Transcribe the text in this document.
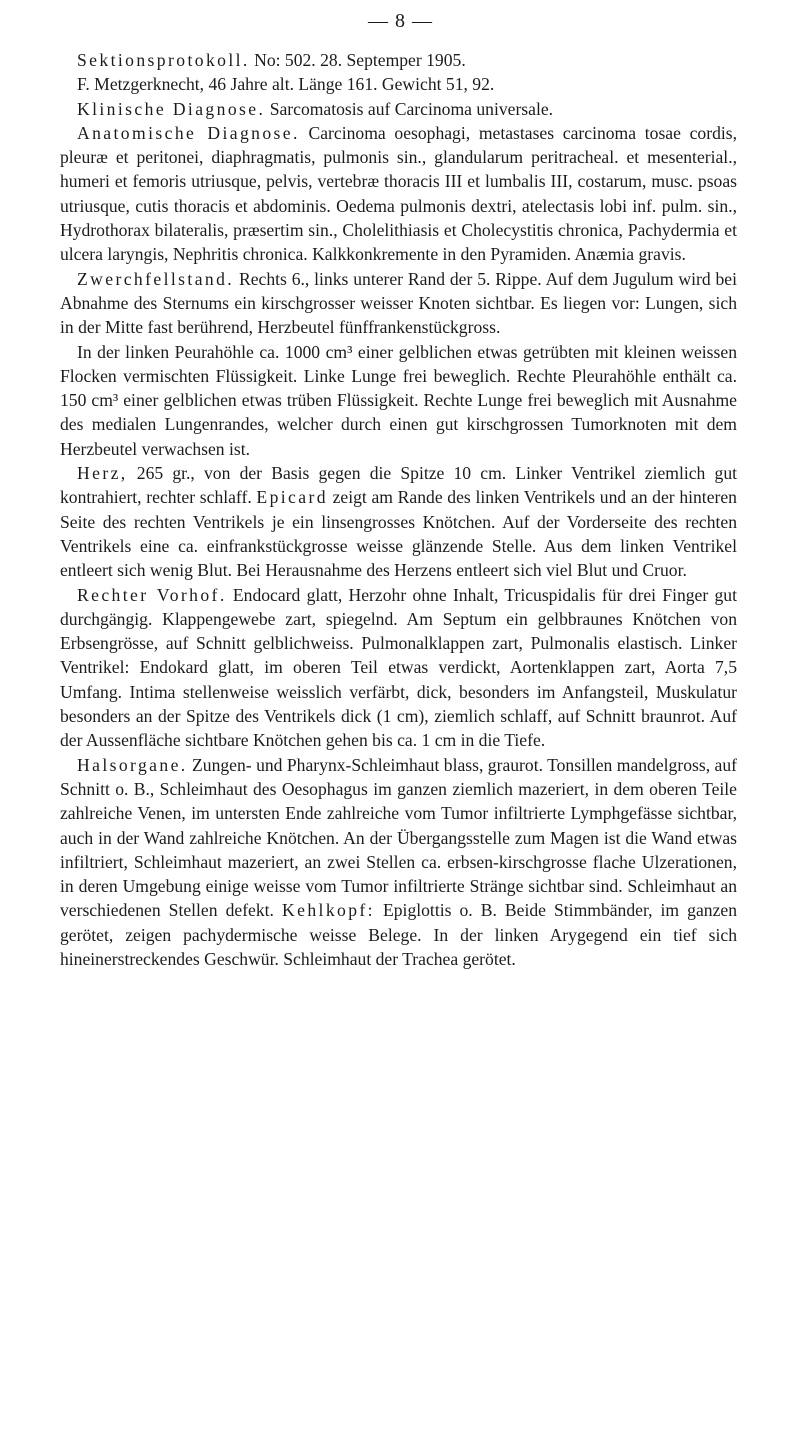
— 8 —

Sektionsprotokoll. No: 502. 28. Septemper 1905.

F. Metzgerknecht, 46 Jahre alt. Länge 161. Gewicht 51, 92.

Klinische Diagnose. Sarcomatosis auf Carcinoma universale.

Anatomische Diagnose. Carcinoma oesophagi, metastases carcinoma tosae cordis, pleuræ et peritonei, diaphragmatis, pulmonis sin., glandularum peritracheal. et mesenterial., humeri et femoris utriusque, pelvis, vertebræ thoracis III et lumbalis III, costarum, musc. psoas utriusque, cutis thoracis et abdominis. Oedema pulmonis dextri, atelectasis lobi inf. pulm. sin., Hydrothorax bilateralis, præsertim sin., Cholelithiasis et Cholecystitis chronica, Pachydermia et ulcera laryngis, Nephritis chronica. Kalkkonkremente in den Pyramiden. Anæmia gravis.

Zwerchfellstand. Rechts 6., links unterer Rand der 5. Rippe. Auf dem Jugulum wird bei Abnahme des Sternums ein kirschgrosser weisser Knoten sichtbar. Es liegen vor: Lungen, sich in der Mitte fast berührend, Herzbeutel fünffrankenstückgross.

In der linken Peurahöhle ca. 1000 cm³ einer gelblichen etwas getrübten mit kleinen weissen Flocken vermischten Flüssigkeit. Linke Lunge frei beweglich. Rechte Pleurahöhle enthält ca. 150 cm³ einer gelblichen etwas trüben Flüssigkeit. Rechte Lunge frei beweglich mit Ausnahme des medialen Lungenrandes, welcher durch einen gut kirschgrossen Tumorknoten mit dem Herzbeutel verwachsen ist.

Herz, 265 gr., von der Basis gegen die Spitze 10 cm. Linker Ventrikel ziemlich gut kontrahiert, rechter schlaff. Epicard zeigt am Rande des linken Ventrikels und an der hinteren Seite des rechten Ventrikels je ein linsengrosses Knötchen. Auf der Vorderseite des rechten Ventrikels eine ca. einfrankstückgrosse weisse glänzende Stelle. Aus dem linken Ventrikel entleert sich wenig Blut. Bei Herausnahme des Herzens entleert sich viel Blut und Cruor.

Rechter Vorhof. Endocard glatt, Herzohr ohne Inhalt, Tricuspidalis für drei Finger gut durchgängig. Klappengewebe zart, spiegelnd. Am Septum ein gelbbraunes Knötchen von Erbsengrösse, auf Schnitt gelblichweiss. Pulmonalklappen zart, Pulmonalis elastisch. Linker Ventrikel: Endokard glatt, im oberen Teil etwas verdickt, Aortenklappen zart, Aorta 7,5 Umfang. Intima stellenweise weisslich verfärbt, dick, besonders im Anfangsteil, Muskulatur besonders an der Spitze des Ventrikels dick (1 cm), ziemlich schlaff, auf Schnitt braunrot. Auf der Aussenfläche sichtbare Knötchen gehen bis ca. 1 cm in die Tiefe.

Halsorgane. Zungen- und Pharynx-Schleimhaut blass, graurot. Tonsillen mandelgross, auf Schnitt o. B., Schleimhaut des Oesophagus im ganzen ziemlich mazeriert, in dem oberen Teile zahlreiche Venen, im untersten Ende zahlreiche vom Tumor infiltrierte Lymphgefässe sichtbar, auch in der Wand zahlreiche Knötchen. An der Übergangsstelle zum Magen ist die Wand etwas infiltriert, Schleimhaut mazeriert, an zwei Stellen ca. erbsen-kirschgrosse flache Ulzerationen, in deren Umgebung einige weisse vom Tumor infiltrierte Stränge sichtbar sind. Schleimhaut an verschiedenen Stellen defekt. Kehlkopf: Epiglottis o. B. Beide Stimmbänder, im ganzen gerötet, zeigen pachydermische weisse Belege. In der linken Arygegend ein tief sich hineinerstreckendes Geschwür. Schleimhaut der Trachea gerötet.
